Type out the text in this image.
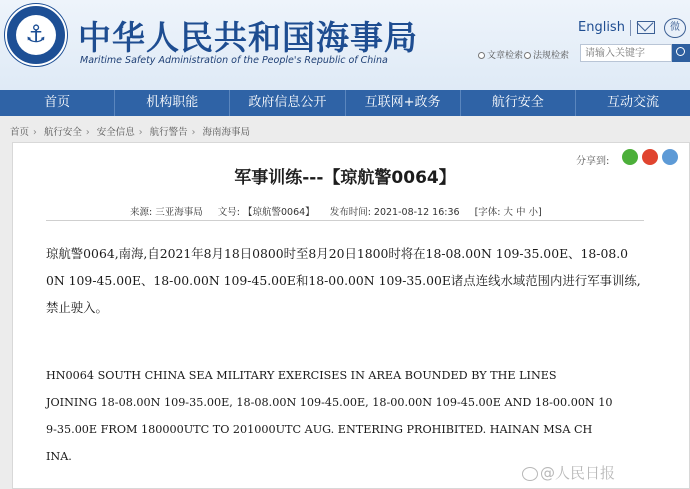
⚓ 中华人民共和国海事局
Maritime Safety Administration of the People's Republic of China
English	微
文章检索	法规检索
请输入关键字
首页	机构职能	政府信息公开	互联网+政务	航行安全	互动交流
首页 › 航行安全 › 安全信息 › 航行警告 › 海南海事局
分享到:
军事训练---【琼航警0064】
来源: 三亚海事局 文号: 【琼航警0064】 发布时间: 2021-08-12 16:36 [字体: 大 中 小]
琼航警0064,南海,自2021年8月18日0800时至8月20日1800时将在18-08.00N 109-35.00E、18-08.0
0N 109-45.00E、18-00.00N 109-45.00E和18-00.00N 109-35.00E诸点连线水域范围内进行军事训练,
禁止驶入。
HN0064 SOUTH CHINA SEA MILITARY EXERCISES IN AREA BOUNDED BY THE LINES
JOINING 18-08.00N 109-35.00E, 18-08.00N 109-45.00E, 18-00.00N 109-45.00E AND 18-00.00N 10
9-35.00E FROM 180000UTC TO 201000UTC AUG. ENTERING PROHIBITED. HAINAN MSA CH
INA.
@人民日报
